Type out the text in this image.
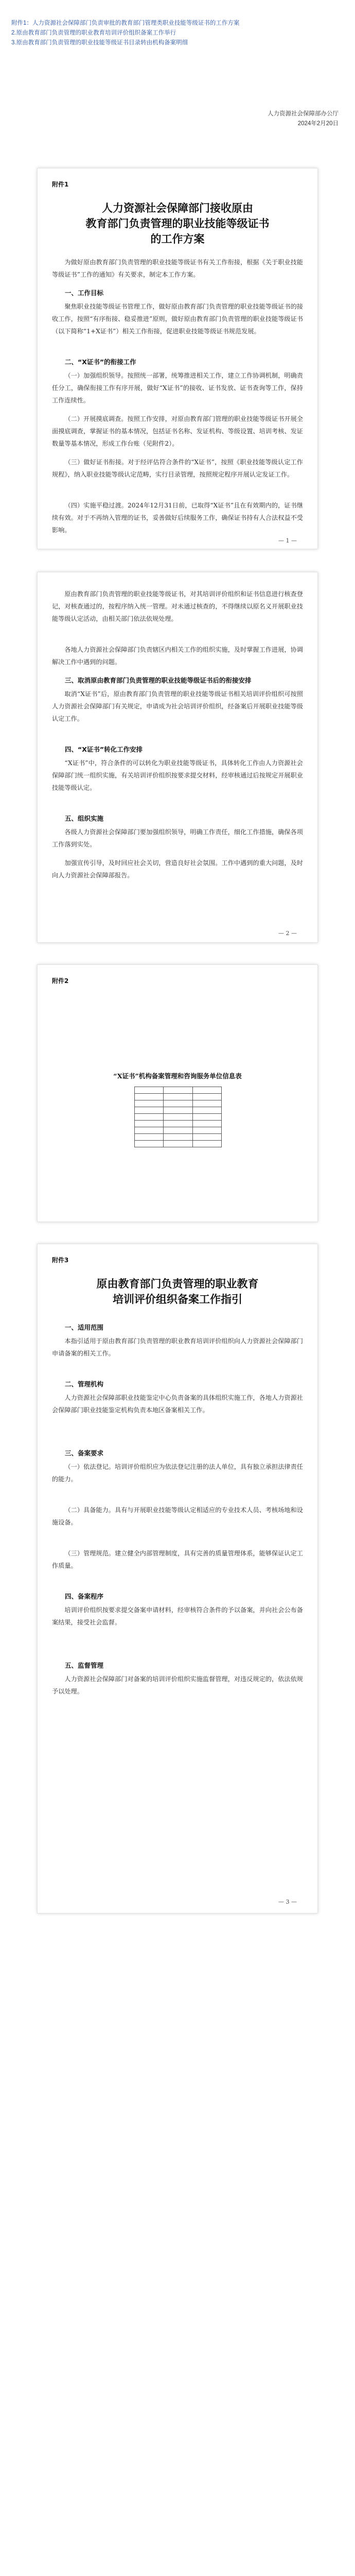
附件1：人力资源社会保障部门负责审批的教育部门管理类职业技能等级证书的工作方案
2.原由教育部门负责管理的职业教育培训评价组织备案工作举行
3.原由教育部门负责管理的职业技能等级证书目录转由机构备案明细
人力资源社会保障部办公厅
2024年2月20日
附件1
人力资源社会保障部门接收原由
教育部门负责管理的职业技能等级证书
的工作方案

为做好原由教育部门负责管理的职业技能等级证书有关工作衔接，根据《关于职业技能等级证书”工作的通知》有关要求，制定本工作方案。

一、工作目标

聚焦职业技能等级证书管理工作，做好原由教育部门负责管理的职业技能等级证书的接收工作，按照“有序衔接、稳妥推进”原则，做好原由教育部门负责管理的职业技能等级证书（以下简称“1+X证书”）相关工作衔接，促进职业技能等级证书规范发展。

二、“X证书”的衔接工作

（一）加强组织领导。按照统一部署，统筹推进相关工作，建立工作协调机制，明确责任分工，确保衔接工作有序开展，做好“X证书”的接收、证书发放、证书查询等工作，保持工作连续性。

（二）开展摸底调查。按照工作安排，对原由教育部门管理的职业技能等级证书开展全面摸底调查，掌握证书的基本情况，包括证书名称、发证机构、等级设置、培训考核、发证数量等基本情况，形成工作台账（见附件2）。

（三）做好证书衔接。对于经评估符合条件的“X证书”，按照《职业技能等级认定工作规程》，纳入职业技能等级认定范畴，实行目录管理，按照规定程序开展认定发证工作。

（四）实施平稳过渡。2024年12月31日前，已取得“X证书”且在有效期内的，证书继续有效。对于不再纳入管理的证书，妥善做好后续服务工作，确保证书持有人合法权益不受影响。

— 1 —

原由教育部门负责管理的职业技能等级证书，对其培训评价组织和证书信息进行核查登记，对核查通过的，按程序纳入统一管理。对未通过核查的，不得继续以原名义开展职业技能等级认定活动，由相关部门依法依规处理。

各地人力资源社会保障部门负责辖区内相关工作的组织实施，及时掌握工作进展，协调解决工作中遇到的问题。

三、取消原由教育部门负责管理的职业技能等级证书后的衔接安排

取消“X证书”后，原由教育部门负责管理的职业技能等级证书相关培训评价组织可按照人力资源社会保障部门有关规定，申请成为社会培训评价组织，经备案后开展职业技能等级认定工作。

四、“X证书”转化工作安排

“X证书”中，符合条件的可以转化为职业技能等级证书，具体转化工作由人力资源社会保障部门统一组织实施，有关培训评价组织按要求提交材料，经审核通过后按规定开展职业技能等级认定。

五、组织实施

各级人力资源社会保障部门要加强组织领导，明确工作责任，细化工作措施，确保各项工作落到实处。

加强宣传引导，及时回应社会关切，营造良好社会氛围。工作中遇到的重大问题，及时向人力资源社会保障部报告。

— 2 —
附件2
“X证书”机构备案管理和咨询服务单位信息表

附件3
原由教育部门负责管理的职业教育
培训评价组织备案工作指引
一、适用范围

本指引适用于原由教育部门负责管理的职业教育培训评价组织向人力资源社会保障部门申请备案的相关工作。

二、管理机构

人力资源社会保障部职业技能鉴定中心负责备案的具体组织实施工作，各地人力资源社会保障部门职业技能鉴定机构负责本地区备案相关工作。

三、备案要求

（一）依法登记。培训评价组织应为依法登记注册的法人单位，具有独立承担法律责任的能力。

（二）具备能力。具有与开展职业技能等级认定相适应的专业技术人员、考核场地和设施设备。

（三）管理规范。建立健全内部管理制度，具有完善的质量管理体系，能够保证认定工作质量。

四、备案程序

培训评价组织按要求提交备案申请材料，经审核符合条件的予以备案，并向社会公布备案结果，接受社会监督。

五、监督管理

人力资源社会保障部门对备案的培训评价组织实施监督管理，对违反规定的，依法依规予以处理。

— 3 —
